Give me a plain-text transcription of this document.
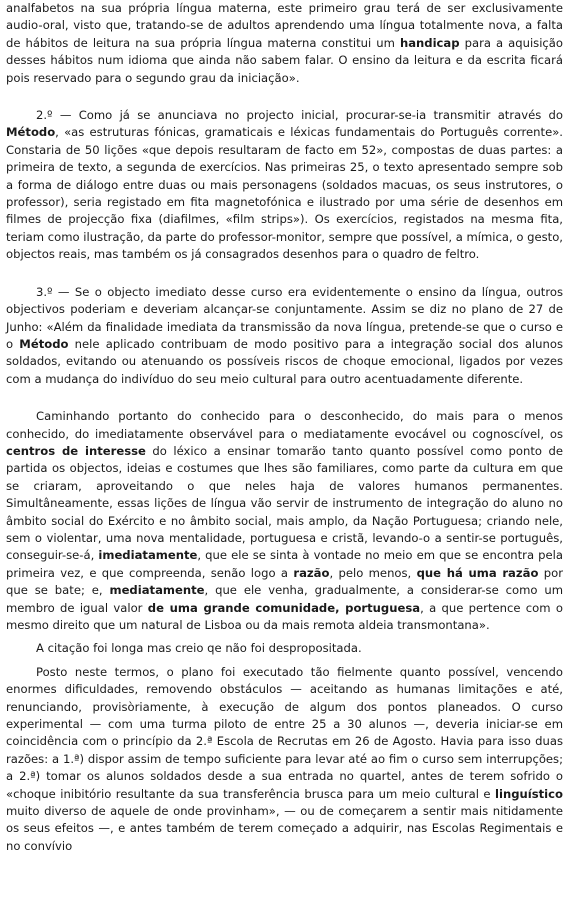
analfabetos na sua própria língua materna, este primeiro grau terá de ser exclusivamente audio-oral, visto que, tratando-se de adultos aprendendo uma língua totalmente nova, a falta de hábitos de leitura na sua própria língua materna constitui um handicap para a aquisição desses hábitos num idioma que ainda não sabem falar. O ensino da leitura e da escrita ficará pois reservado para o segundo grau da iniciação».

2.º — Como já se anunciava no projecto inicial, procurar-se-ia transmitir através do Método, «as estruturas fónicas, gramaticais e léxicas fundamentais do Português corrente». Constaria de 50 lições «que depois resultaram de facto em 52», compostas de duas partes: a primeira de texto, a segunda de exercícios. Nas primeiras 25, o texto apresentado sempre sob a forma de diálogo entre duas ou mais personagens (soldados macuas, os seus instrutores, o professor), seria registado em fita magnetofónica e ilustrado por uma série de desenhos em filmes de projecção fixa (diafilmes, «film strips»). Os exercícios, registados na mesma fita, teriam como ilustração, da parte do professor-monitor, sempre que possível, a mímica, o gesto, objectos reais, mas também os já consagrados desenhos para o quadro de feltro.

3.º — Se o objecto imediato desse curso era evidentemente o ensino da língua, outros objectivos poderiam e deveriam alcançar-se conjuntamente. Assim se diz no plano de 27 de Junho: «Além da finalidade imediata da transmissão da nova língua, pretende-se que o curso e o Método nele aplicado contribuam de modo positivo para a integração social dos alunos soldados, evitando ou atenuando os possíveis riscos de choque emocional, ligados por vezes com a mudança do indivíduo do seu meio cultural para outro acentuadamente diferente.

Caminhando portanto do conhecido para o desconhecido, do mais para o menos conhecido, do imediatamente observável para o mediatamente evocável ou cognoscível, os centros de interesse do léxico a ensinar tomarão tanto quanto possível como ponto de partida os objectos, ideias e costumes que lhes são familiares, como parte da cultura em que se criaram, aproveitando o que neles haja de valores humanos permanentes. Simultâneamente, essas lições de língua vão servir de instrumento de integração do aluno no âmbito social do Exército e no âmbito social, mais amplo, da Nação Portuguesa; criando nele, sem o violentar, uma nova mentalidade, portuguesa e cristã, levando-o a sentir-se português, conseguir-se-á, imediatamente, que ele se sinta à vontade no meio em que se encontra pela primeira vez, e que compreenda, senão logo a razão, pelo menos, que há uma razão por que se bate; e, mediatamente, que ele venha, gradualmente, a considerar-se como um membro de igual valor de uma grande comunidade, portuguesa, a que pertence com o mesmo direito que um natural de Lisboa ou da mais remota aldeia transmontana».

A citação foi longa mas creio qe não foi despropositada.

Posto neste termos, o plano foi executado tão fielmente quanto possível, vencendo enormes dificuldades, removendo obstáculos — aceitando as humanas limitações e até, renunciando, provisòriamente, à execução de algum dos pontos planeados. O curso experimental — com uma turma piloto de entre 25 a 30 alunos —, deveria iniciar-se em coincidência com o princípio da 2.ª Escola de Recrutas em 26 de Agosto. Havia para isso duas razões: a 1.ª) dispor assim de tempo suficiente para levar até ao fim o curso sem interrupções; a 2.ª) tomar os alunos soldados desde a sua entrada no quartel, antes de terem sofrido o «choque inibitório resultante da sua transferência brusca para um meio cultural e linguístico muito diverso de aquele de onde provinham», — ou de começarem a sentir mais nitidamente os seus efeitos —, e antes também de terem começado a adquirir, nas Escolas Regimentais e no convívio
